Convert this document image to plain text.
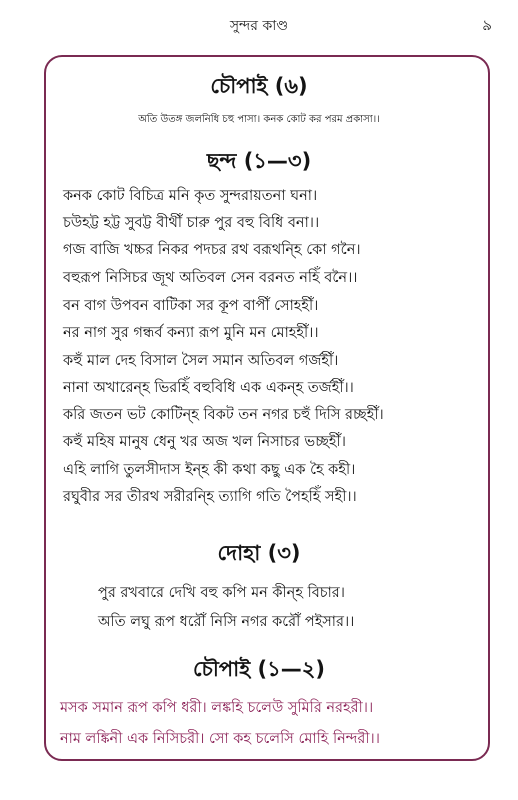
সুন্দর কাণ্ড	৯
চৌপাই (৬)
অতি উতঙ্গ জলনিধি চহু পাসা। কনক কোট কর পরম প্রকাসা।।
ছন্দ (১—৩)
কনক কোট বিচিত্র মনি কৃত সুন্দরায়তনা ঘনা।
চউহট্ট হট্ট সুবট্ট বীথীঁ চারু পুর বহু বিধি বনা।।
গজ বাজি খচ্চর নিকর পদচর রথ বরূথন্হি কো গনৈ।
বহুরূপ নিসিচর জূথ অতিবল সেন বরনত নহিঁ বনৈ।।
বন বাগ উপবন বাটিকা সর কূপ বাপীঁ সোহহীঁ।
নর নাগ সুর গন্ধর্ব কন্যা রূপ মুনি মন মোহহীঁ।।
কহুঁ মাল দেহ বিসাল সৈল সমান অতিবল গর্জহীঁ।
নানা অখারেন্হ ভিরহিঁ বহুবিধি এক একন্হ তর্জহীঁ।।
করি জতন ভট কোটিন্হ বিকট তন নগর চহুঁ দিসি রচ্ছহীঁ।
কহুঁ মহিষ মানুষ ধেনু খর অজ খল নিসাচর ভচ্ছহীঁ।
এহি লাগি তুলসীদাস ইন্হ কী কথা কছু এক হৈ কহী।
রঘুবীর সর তীরথ সরীরন্হি ত্যাগি গতি পৈহহিঁ সহী।।
দোহা (৩)
পুর রখবারে দেখি বহু কপি মন কীন্হ বিচার।
অতি লঘু রূপ ধরৌঁ নিসি নগর করৌঁ পইসার।।
চৌপাই (১—২)
মসক সমান রূপ কপি ধরী। লঙ্কহি চলেউ সুমিরি নরহরী।।
নাম লঙ্কিনী এক নিসিচরী। সো কহ চলেসি মোহি নিন্দরী।।
